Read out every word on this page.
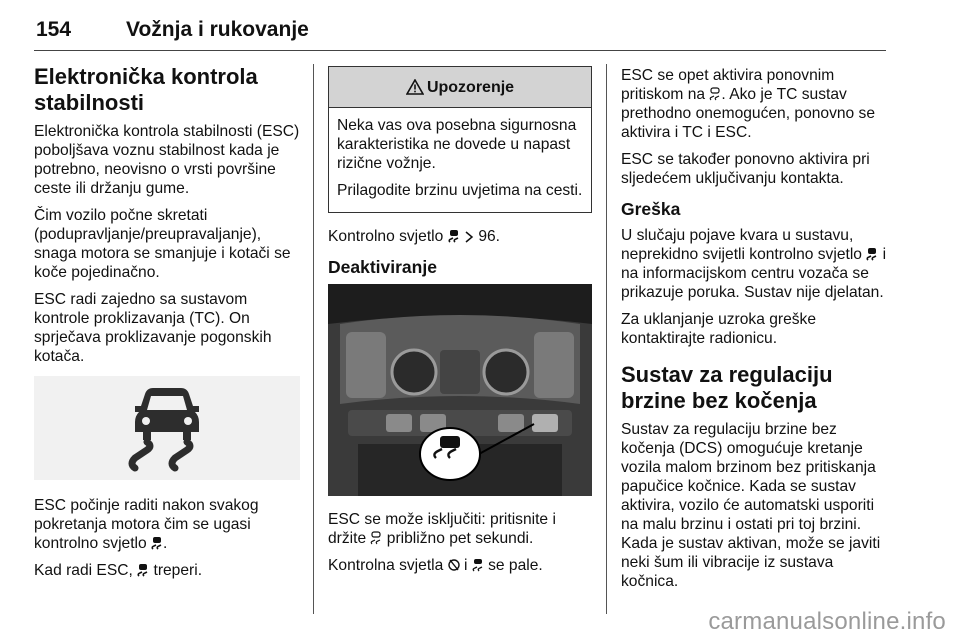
154	Vožnja i rukovanje
Elektronička kontrola stabilnosti

Elektronička kontrola stabilnosti (ESC) poboljšava voznu stabilnost kada je potrebno, neovisno o vrsti površine ceste ili držanju gume.

Čim vozilo počne skretati (podupravljanje/preupravaljanje), snaga motora se smanjuje i kotači se koče pojedinačno.

ESC radi zajedno sa sustavom kontrole proklizavanja (TC). On sprječava proklizavanje pogonskih kotača.

ESC počinje raditi nakon svakog pokretanja motora čim se ugasi kontrolno svjetlo .

Kad radi ESC,  treperi.

Upozorenje

Neka vas ova posebna sigurnosna karakteristika ne dovede u napast rizične vožnje.

Prilagodite brzinu uvjetima na cesti.

Kontrolno svjetlo   96.

Deaktiviranje

ESC se može isključiti: pritisnite i držite  približno pet sekundi.

Kontrolna svjetla  i  se pale.

ESC se opet aktivira ponovnim pritiskom na . Ako je TC sustav prethodno onemogućen, ponovno se aktivira i TC i ESC.

ESC se također ponovno aktivira pri sljedećem uključivanju kontakta.

Greška

U slučaju pojave kvara u sustavu, neprekidno svijetli kontrolno svjetlo  i na informacijskom centru vozača se prikazuje poruka. Sustav nije djelatan.

Za uklanjanje uzroka greške kontaktirajte radionicu.

Sustav za regulaciju brzine bez kočenja

Sustav za regulaciju brzine bez kočenja (DCS) omogućuje kretanje vozila malom brzinom bez pritiskanja papučice kočnice. Kada se sustav aktivira, vozilo će automatski usporiti na malu brzinu i ostati pri toj brzini. Kada je sustav aktivan, može se javiti neki šum ili vibracije iz sustava kočnica.

carmanualsonline.info
